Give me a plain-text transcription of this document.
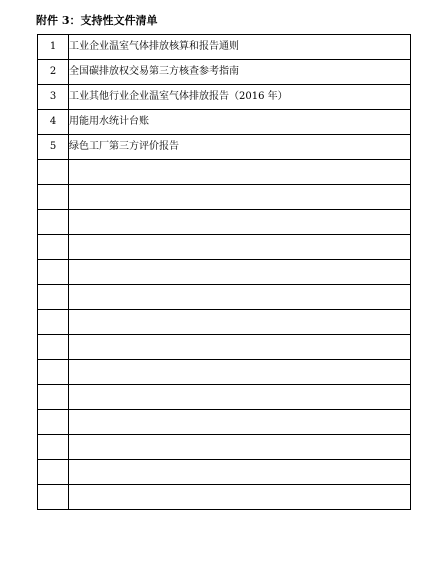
附件 3：支持性文件清单
1	工业企业温室气体排放核算和报告通则
2	全国碳排放权交易第三方核查参考指南
3	工业其他行业企业温室气体排放报告（2016 年）
4	用能用水统计台账
5	绿色工厂第三方评价报告
